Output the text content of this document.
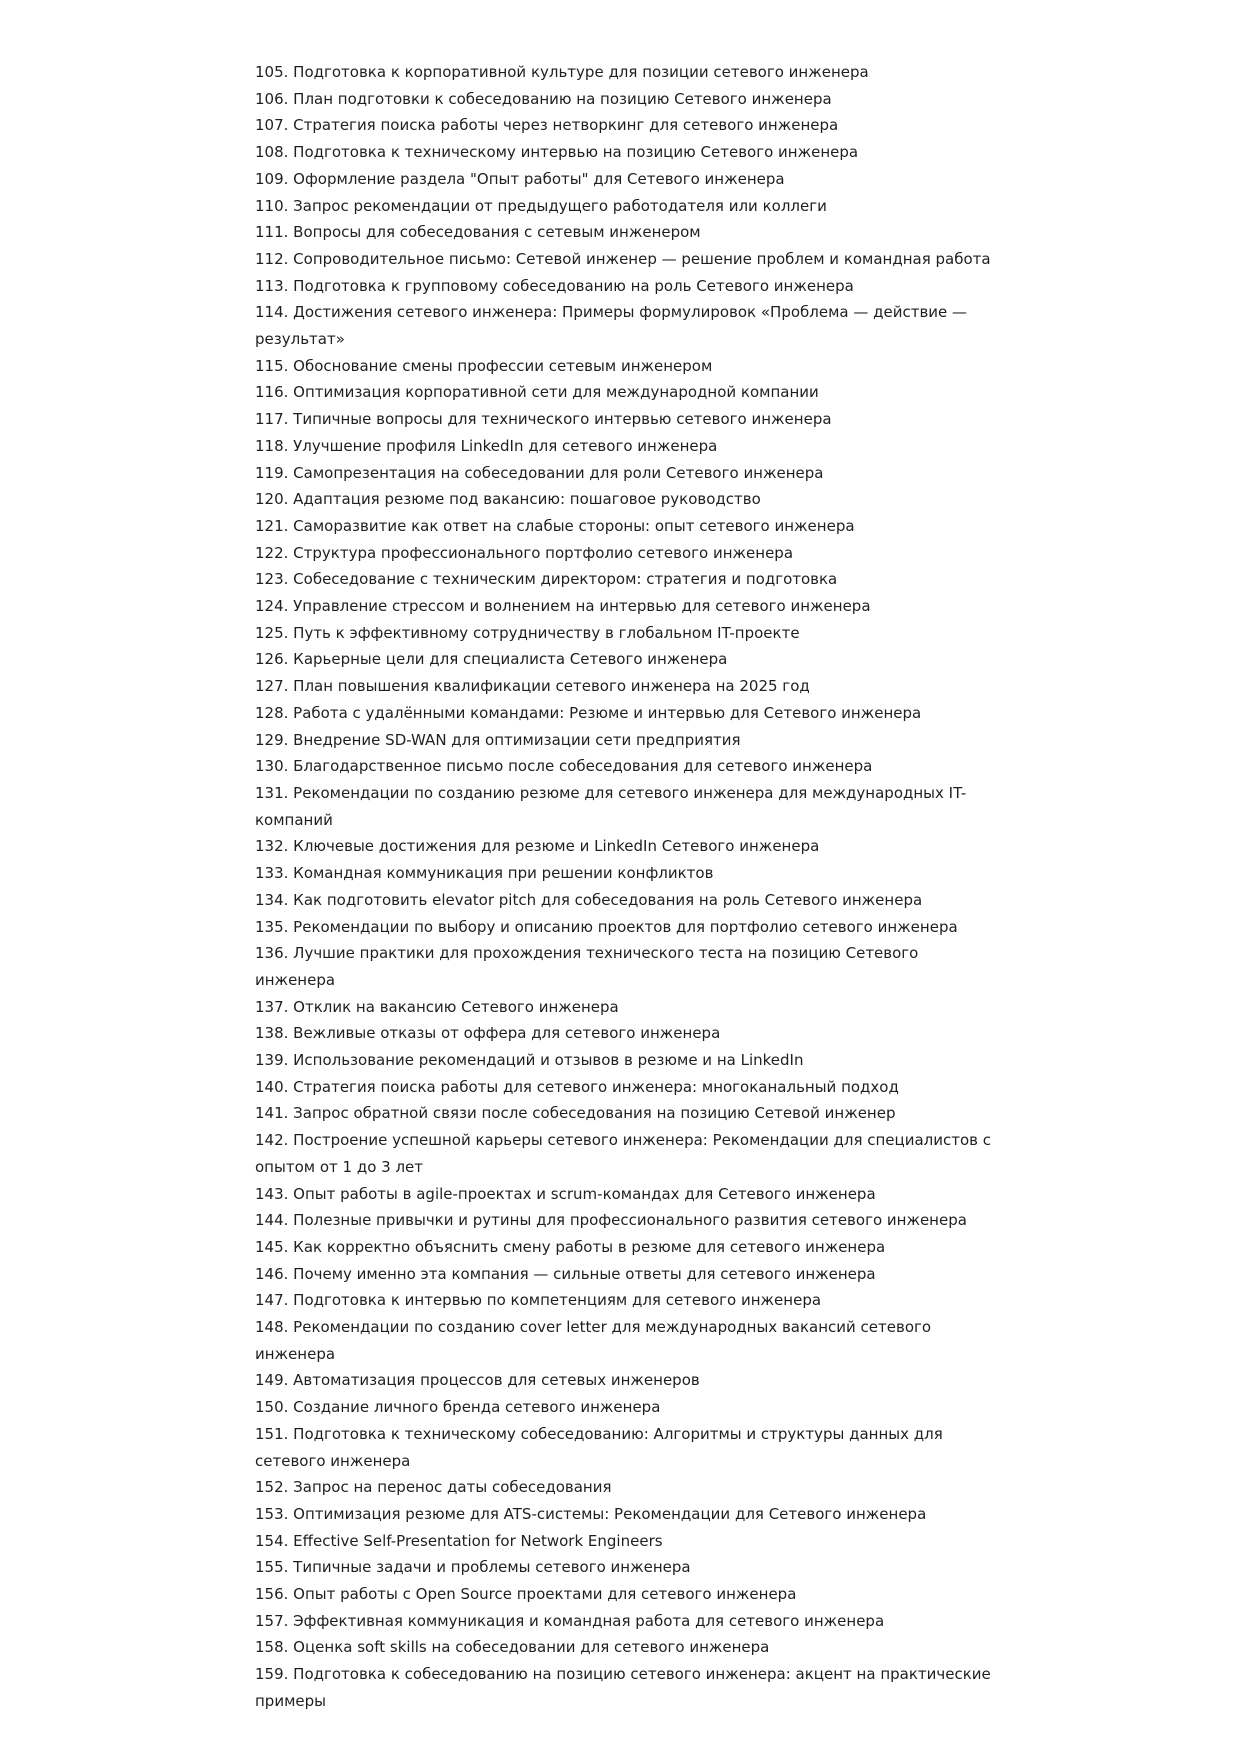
105. Подготовка к корпоративной культуре для позиции сетевого инженера

106. План подготовки к собеседованию на позицию Сетевого инженера

107. Стратегия поиска работы через нетворкинг для сетевого инженера

108. Подготовка к техническому интервью на позицию Сетевого инженера

109. Оформление раздела "Опыт работы" для Сетевого инженера

110. Запрос рекомендации от предыдущего работодателя или коллеги

111. Вопросы для собеседования с сетевым инженером

112. Сопроводительное письмо: Сетевой инженер — решение проблем и командная работа

113. Подготовка к групповому собеседованию на роль Сетевого инженера

114. Достижения сетевого инженера: Примеры формулировок «Проблема — действие — результат»

115. Обоснование смены профессии сетевым инженером

116. Оптимизация корпоративной сети для международной компании

117. Типичные вопросы для технического интервью сетевого инженера

118. Улучшение профиля LinkedIn для сетевого инженера

119. Самопрезентация на собеседовании для роли Сетевого инженера

120. Адаптация резюме под вакансию: пошаговое руководство

121. Саморазвитие как ответ на слабые стороны: опыт сетевого инженера

122. Структура профессионального портфолио сетевого инженера

123. Собеседование с техническим директором: стратегия и подготовка

124. Управление стрессом и волнением на интервью для сетевого инженера

125. Путь к эффективному сотрудничеству в глобальном IT-проекте

126. Карьерные цели для специалиста Сетевого инженера

127. План повышения квалификации сетевого инженера на 2025 год

128. Работа с удалёнными командами: Резюме и интервью для Сетевого инженера

129. Внедрение SD-WAN для оптимизации сети предприятия

130. Благодарственное письмо после собеседования для сетевого инженера

131. Рекомендации по созданию резюме для сетевого инженера для международных IT-компаний

132. Ключевые достижения для резюме и LinkedIn Сетевого инженера

133. Командная коммуникация при решении конфликтов

134. Как подготовить elevator pitch для собеседования на роль Сетевого инженера

135. Рекомендации по выбору и описанию проектов для портфолио сетевого инженера

136. Лучшие практики для прохождения технического теста на позицию Сетевого инженера

137. Отклик на вакансию Сетевого инженера

138. Вежливые отказы от оффера для сетевого инженера

139. Использование рекомендаций и отзывов в резюме и на LinkedIn

140. Стратегия поиска работы для сетевого инженера: многоканальный подход

141. Запрос обратной связи после собеседования на позицию Сетевой инженер

142. Построение успешной карьеры сетевого инженера: Рекомендации для специалистов с опытом от 1 до 3 лет

143. Опыт работы в agile-проектах и scrum-командах для Сетевого инженера

144. Полезные привычки и рутины для профессионального развития сетевого инженера

145. Как корректно объяснить смену работы в резюме для сетевого инженера

146. Почему именно эта компания — сильные ответы для сетевого инженера

147. Подготовка к интервью по компетенциям для сетевого инженера

148. Рекомендации по созданию cover letter для международных вакансий сетевого инженера

149. Автоматизация процессов для сетевых инженеров

150. Создание личного бренда сетевого инженера

151. Подготовка к техническому собеседованию: Алгоритмы и структуры данных для сетевого инженера

152. Запрос на перенос даты собеседования

153. Оптимизация резюме для ATS-системы: Рекомендации для Сетевого инженера

154. Effective Self-Presentation for Network Engineers

155. Типичные задачи и проблемы сетевого инженера

156. Опыт работы с Open Source проектами для сетевого инженера

157. Эффективная коммуникация и командная работа для сетевого инженера

158. Оценка soft skills на собеседовании для сетевого инженера

159. Подготовка к собеседованию на позицию сетевого инженера: акцент на практические примеры
